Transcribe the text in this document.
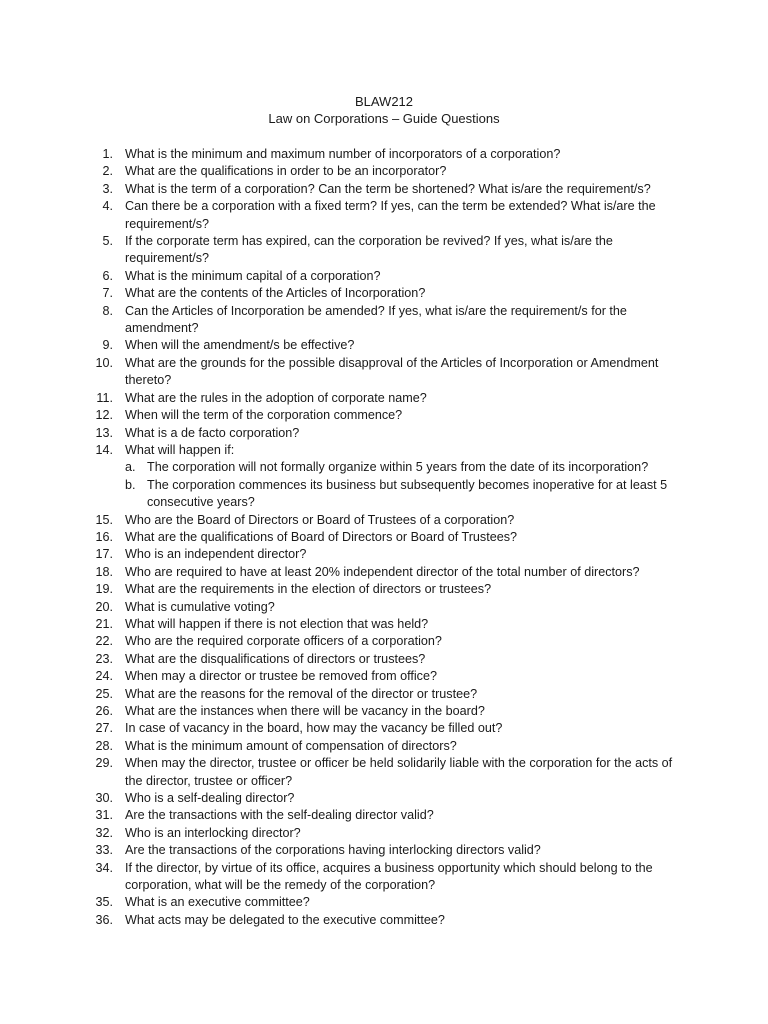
BLAW212
Law on Corporations – Guide Questions
1. What is the minimum and maximum number of incorporators of a corporation?
2. What are the qualifications in order to be an incorporator?
3. What is the term of a corporation? Can the term be shortened? What is/are the requirement/s?
4. Can there be a corporation with a fixed term? If yes, can the term be extended? What is/are the requirement/s?
5. If the corporate term has expired, can the corporation be revived? If yes, what is/are the requirement/s?
6. What is the minimum capital of a corporation?
7. What are the contents of the Articles of Incorporation?
8. Can the Articles of Incorporation be amended? If yes, what is/are the requirement/s for the amendment?
9. When will the amendment/s be effective?
10. What are the grounds for the possible disapproval of the Articles of Incorporation or Amendment thereto?
11. What are the rules in the adoption of corporate name?
12. When will the term of the corporation commence?
13. What is a de facto corporation?
14. What will happen if:
a. The corporation will not formally organize within 5 years from the date of its incorporation?
b. The corporation commences its business but subsequently becomes inoperative for at least 5 consecutive years?
15. Who are the Board of Directors or Board of Trustees of a corporation?
16. What are the qualifications of Board of Directors or Board of Trustees?
17. Who is an independent director?
18. Who are required to have at least 20% independent director of the total number of directors?
19. What are the requirements in the election of directors or trustees?
20. What is cumulative voting?
21. What will happen if there is not election that was held?
22. Who are the required corporate officers of a corporation?
23. What are the disqualifications of directors or trustees?
24. When may a director or trustee be removed from office?
25. What are the reasons for the removal of the director or trustee?
26. What are the instances when there will be vacancy in the board?
27. In case of vacancy in the board, how may the vacancy be filled out?
28. What is the minimum amount of compensation of directors?
29. When may the director, trustee or officer be held solidarily liable with the corporation for the acts of the director, trustee or officer?
30. Who is a self-dealing director?
31. Are the transactions with the self-dealing director valid?
32. Who is an interlocking director?
33. Are the transactions of the corporations having interlocking directors valid?
34. If the director, by virtue of its office, acquires a business opportunity which should belong to the corporation, what will be the remedy of the corporation?
35. What is an executive committee?
36. What acts may be delegated to the executive committee?
